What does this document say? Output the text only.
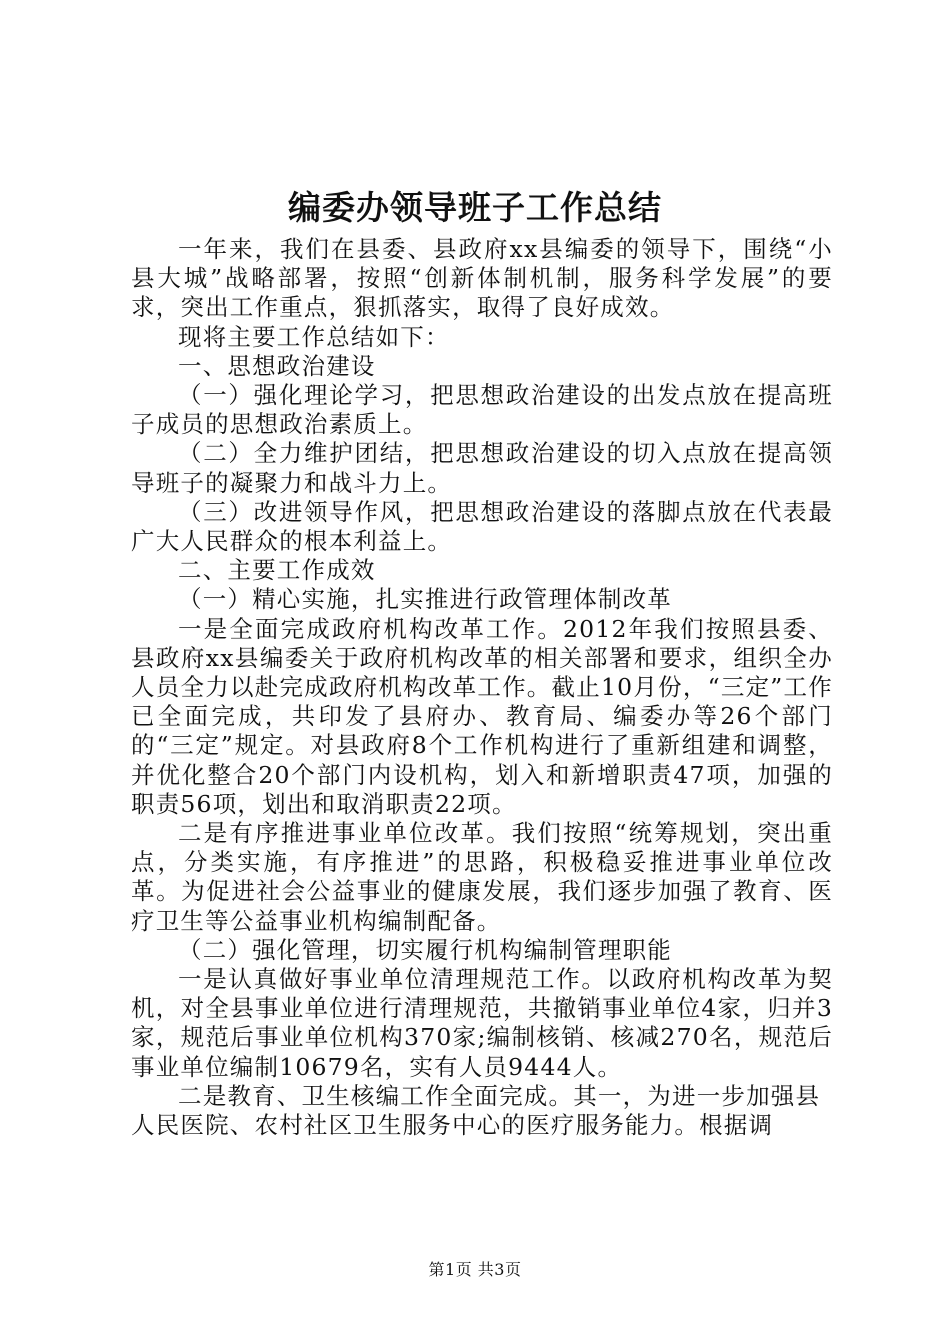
编委办领导班子工作总结

一年来，我们在县委、县政府xx县编委的领导下，围绕“小县大城”战略部署，按照“创新体制机制，服务科学发展”的要求，突出工作重点，狠抓落实，取得了良好成效。

现将主要工作总结如下：

一、思想政治建设

（一）强化理论学习，把思想政治建设的出发点放在提高班子成员的思想政治素质上。

（二）全力维护团结，把思想政治建设的切入点放在提高领导班子的凝聚力和战斗力上。

（三）改进领导作风，把思想政治建设的落脚点放在代表最广大人民群众的根本利益上。

二、主要工作成效

（一）精心实施，扎实推进行政管理体制改革

一是全面完成政府机构改革工作。2012年我们按照县委、县政府xx县编委关于政府机构改革的相关部署和要求，组织全办人员全力以赴完成政府机构改革工作。截止10月份，“三定”工作已全面完成，共印发了县府办、教育局、编委办等26个部门的“三定”规定。对县政府8个工作机构进行了重新组建和调整，并优化整合20个部门内设机构，划入和新增职责47项，加强的职责56项，划出和取消职责22项。

二是有序推进事业单位改革。我们按照“统筹规划，突出重点，分类实施，有序推进”的思路，积极稳妥推进事业单位改革。为促进社会公益事业的健康发展，我们逐步加强了教育、医疗卫生等公益事业机构编制配备。

（二）强化管理，切实履行机构编制管理职能

一是认真做好事业单位清理规范工作。以政府机构改革为契机，对全县事业单位进行清理规范，共撤销事业单位4家，归并3家，规范后事业单位机构370家;编制核销、核减270名，规范后事业单位编制10679名，实有人员9444人。

二是教育、卫生核编工作全面完成。其一，为进一步加强县人民医院、农村社区卫生服务中心的医疗服务能力。根据调

第1页 共3页
